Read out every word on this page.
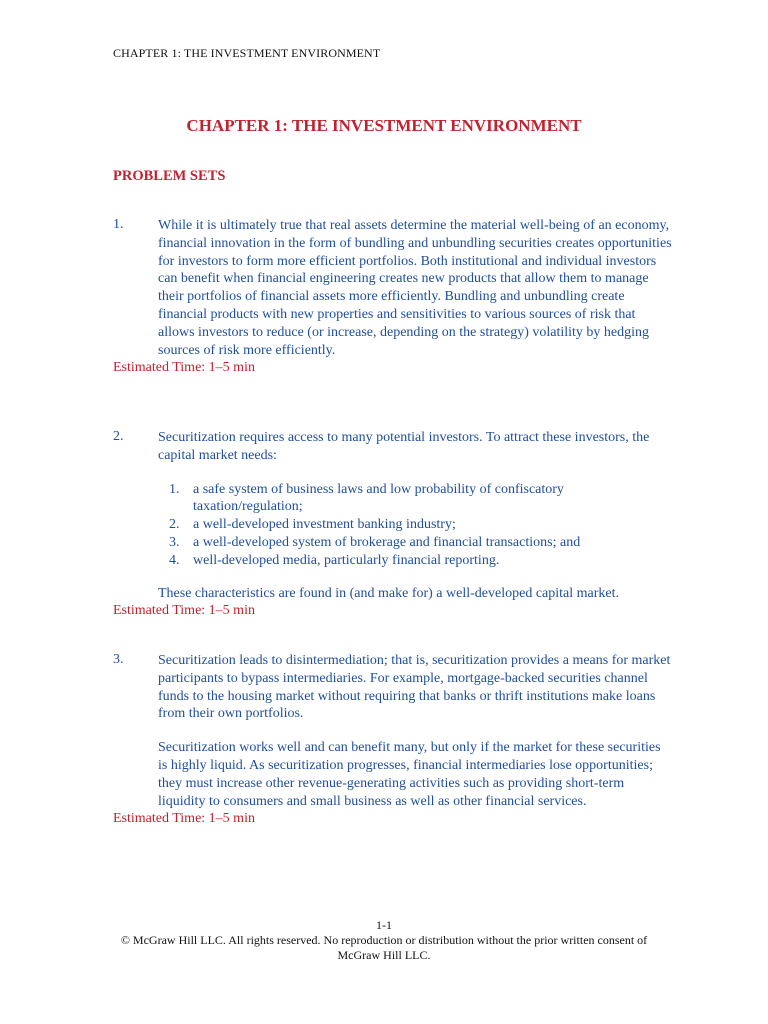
CHAPTER 1: THE INVESTMENT ENVIRONMENT
CHAPTER 1: THE INVESTMENT ENVIRONMENT
PROBLEM SETS
1. While it is ultimately true that real assets determine the material well-being of an economy, financial innovation in the form of bundling and unbundling securities creates opportunities for investors to form more efficient portfolios. Both institutional and individual investors can benefit when financial engineering creates new products that allow them to manage their portfolios of financial assets more efficiently. Bundling and unbundling create financial products with new properties and sensitivities to various sources of risk that allows investors to reduce (or increase, depending on the strategy) volatility by hedging sources of risk more efficiently.
Estimated Time: 1–5 min
2. Securitization requires access to many potential investors. To attract these investors, the capital market needs:
1. a safe system of business laws and low probability of confiscatory taxation/regulation;
2. a well-developed investment banking industry;
3. a well-developed system of brokerage and financial transactions; and
4. well-developed media, particularly financial reporting.
These characteristics are found in (and make for) a well-developed capital market.
Estimated Time: 1–5 min
3. Securitization leads to disintermediation; that is, securitization provides a means for market participants to bypass intermediaries. For example, mortgage-backed securities channel funds to the housing market without requiring that banks or thrift institutions make loans from their own portfolios.
Securitization works well and can benefit many, but only if the market for these securities is highly liquid. As securitization progresses, financial intermediaries lose opportunities; they must increase other revenue-generating activities such as providing short-term liquidity to consumers and small business as well as other financial services.
Estimated Time: 1–5 min
1-1
© McGraw Hill LLC. All rights reserved. No reproduction or distribution without the prior written consent of McGraw Hill LLC.
